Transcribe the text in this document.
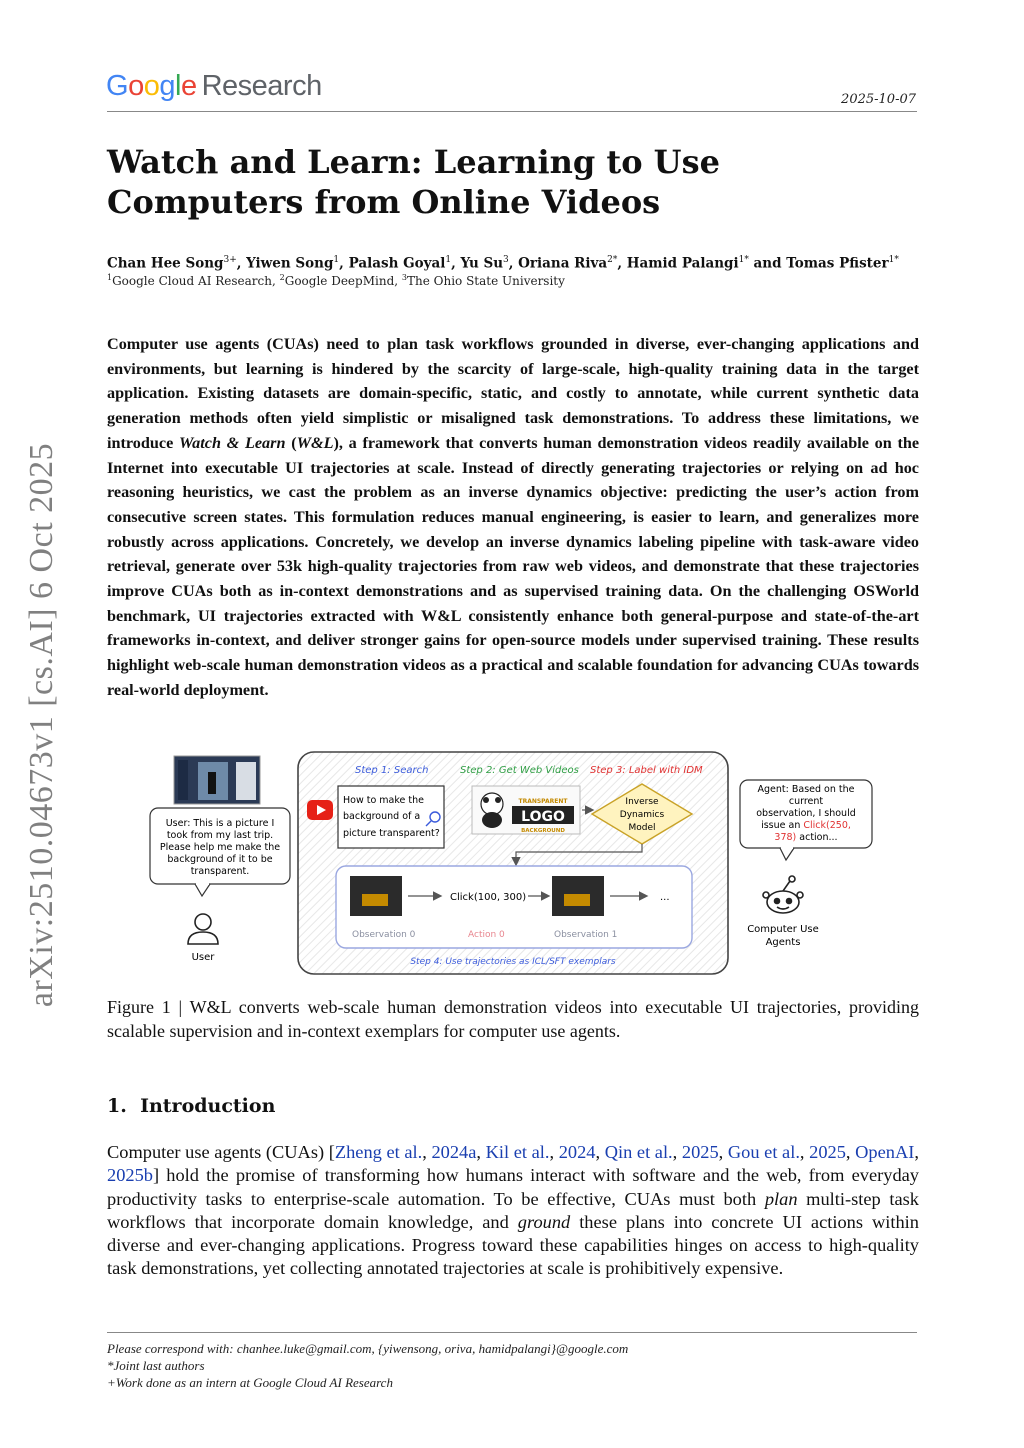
Google Research	2025-10-07
arXiv:2510.04673v1 [cs.AI] 6 Oct 2025
Watch and Learn: Learning to Use Computers from Online Videos
Chan Hee Song$^{3+}$, Yiwen Song$^1$, Palash Goyal$^1$, Yu Su$^3$, Oriana Riva$^{2*}$, Hamid Palangi$^{1*}$ and Tomas Pfister$^{1*}$
$^1$Google Cloud AI Research, $^2$Google DeepMind, $^3$The Ohio State University
Computer use agents (CUAs) need to plan task workflows grounded in diverse, ever-changing applications and environments, but learning is hindered by the scarcity of large-scale, high-quality training data in the target application. Existing datasets are domain-specific, static, and costly to annotate, while current synthetic data generation methods often yield simplistic or misaligned task demonstrations. To address these limitations, we introduce Watch & Learn (W&L), a framework that converts human demonstration videos readily available on the Internet into executable UI trajectories at scale. Instead of directly generating trajectories or relying on ad hoc reasoning heuristics, we cast the problem as an inverse dynamics objective: predicting the user’s action from consecutive screen states. This formulation reduces manual engineering, is easier to learn, and generalizes more robustly across applications. Concretely, we develop an inverse dynamics labeling pipeline with task-aware video retrieval, generate over 53k high-quality trajectories from raw web videos, and demonstrate that these trajectories improve CUAs both as in-context demonstrations and as supervised training data. On the challenging OSWorld benchmark, UI trajectories extracted with W&L consistently enhance both general-purpose and state-of-the-art frameworks in-context, and deliver stronger gains for open-source models under supervised training. These results highlight web-scale human demonstration videos as a practical and scalable foundation for advancing CUAs towards real-world deployment.
User: This is a picture I
took from my last trip.
Please help me make the
background of it to be
transparent.
User
Step 1: Search	Step 2: Get Web Videos Step 3: Label with IDM
How to make the
background of a
picture transparent?
TRANSPARENT
LOGO
BACKGROUND
Inverse
Dynamics
Model
Observation 0
Click(100, 300)
Action 0	Observation 1
...
Step 4: Use trajectories as ICL/SFT exemplars
Agent: Based on the
current
observation, I should
issue an Click(250,
378) action...
Computer Use
Agents
Figure 1 | W&L converts web-scale human demonstration videos into executable UI trajectories, providing scalable supervision and in-context exemplars for computer use agents.
1. Introduction
Computer use agents (CUAs) [Zheng et al., 2024a, Kil et al., 2024, Qin et al., 2025, Gou et al., 2025, OpenAI, 2025b] hold the promise of transforming how humans interact with software and the web, from everyday productivity tasks to enterprise-scale automation. To be effective, CUAs must both plan multi-step task workflows that incorporate domain knowledge, and ground these plans into concrete UI actions within diverse and ever-changing applications. Progress toward these capabilities hinges on access to high-quality task demonstrations, yet collecting annotated trajectories at scale is prohibitively expensive.
Please correspond with: chanhee.luke@gmail.com, {yiwensong, oriva, hamidpalangi}@google.com
*Joint last authors
+Work done as an intern at Google Cloud AI Research
